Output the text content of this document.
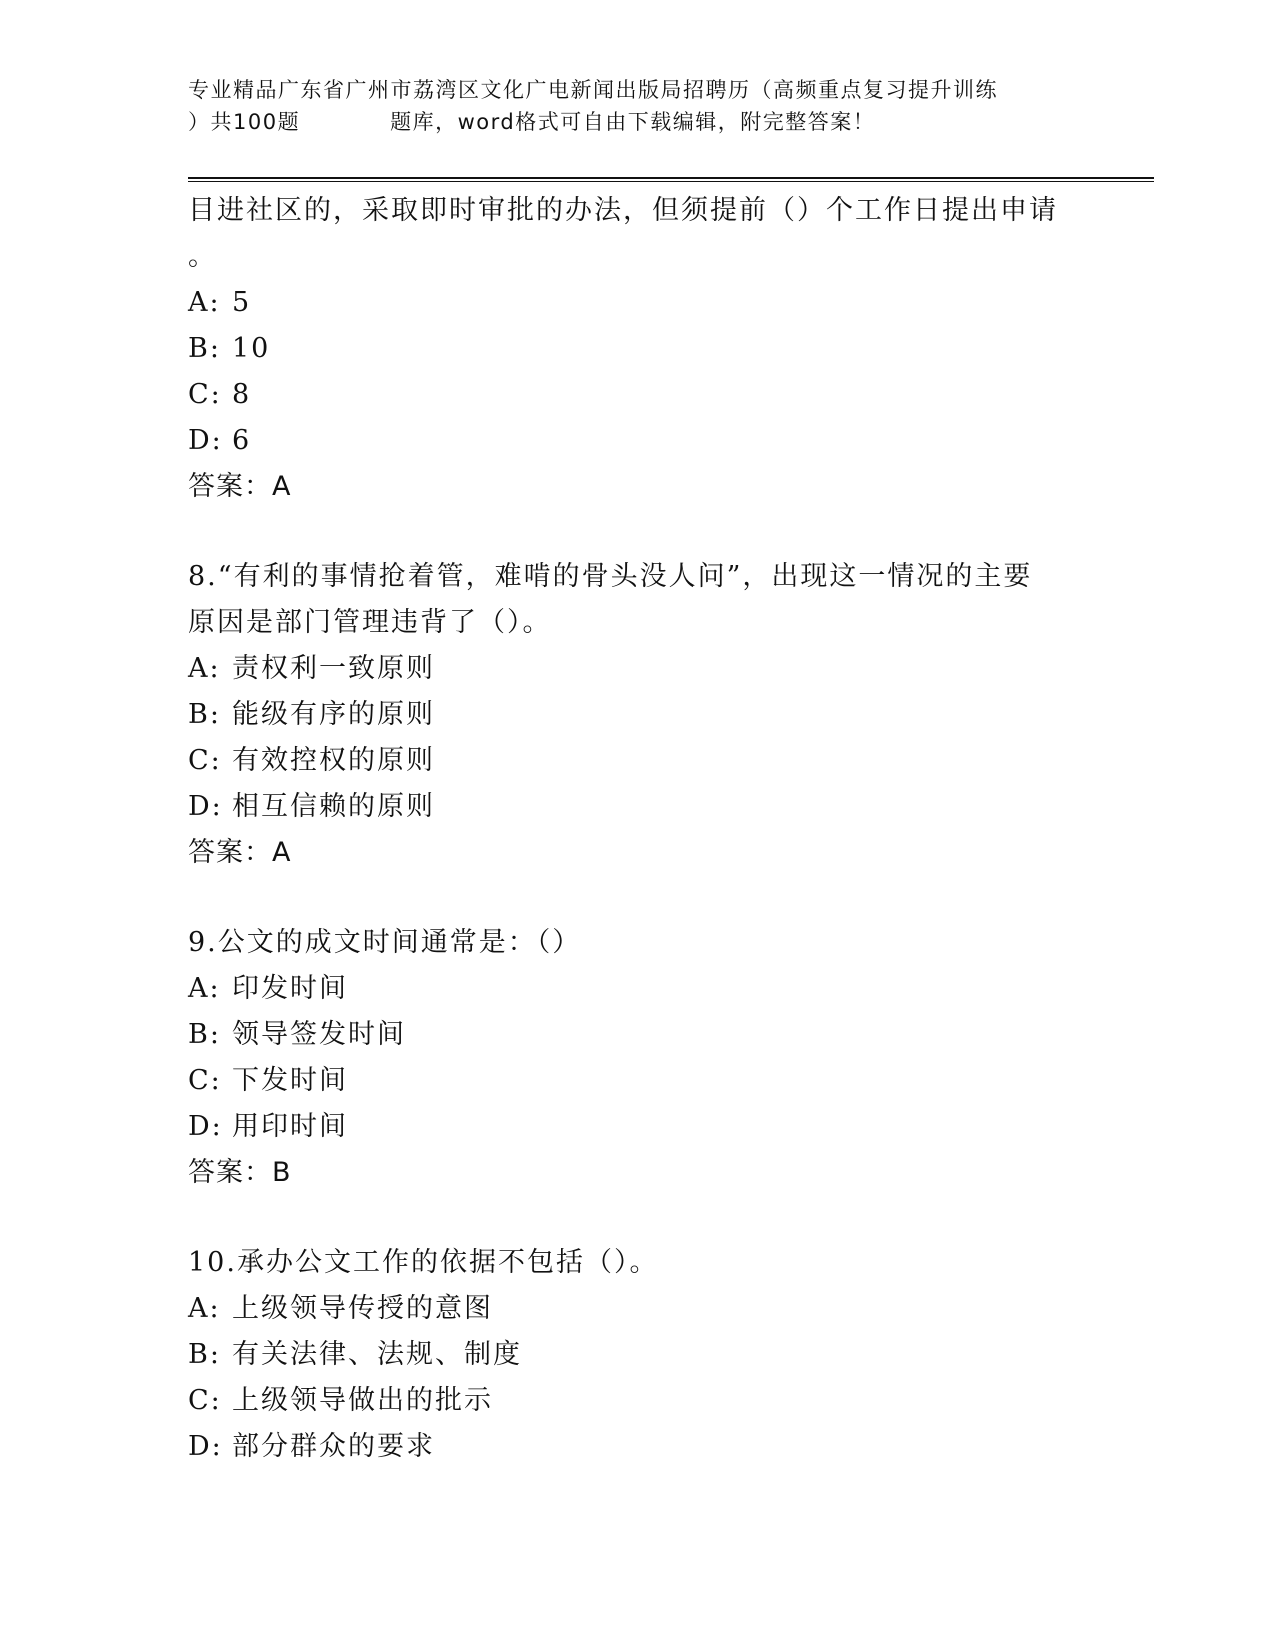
专业精品广东省广州市荔湾区文化广电新闻出版局招聘历（高频重点复习提升训练
）共100题　　　　题库，word格式可自由下载编辑，附完整答案！
目进社区的，采取即时审批的办法，但须提前（）个工作日提出申请
。
A: 5
B: 10
C: 8
D: 6
答案：A
8.“有利的事情抢着管，难啃的骨头没人问”，出现这一情况的主要
原因是部门管理违背了（）。
A: 责权利一致原则
B: 能级有序的原则
C: 有效控权的原则
D: 相互信赖的原则
答案：A
9.公文的成文时间通常是：（）
A: 印发时间
B: 领导签发时间
C: 下发时间
D: 用印时间
答案：B
10.承办公文工作的依据不包括（）。
A: 上级领导传授的意图
B: 有关法律、法规、制度
C: 上级领导做出的批示
D: 部分群众的要求
